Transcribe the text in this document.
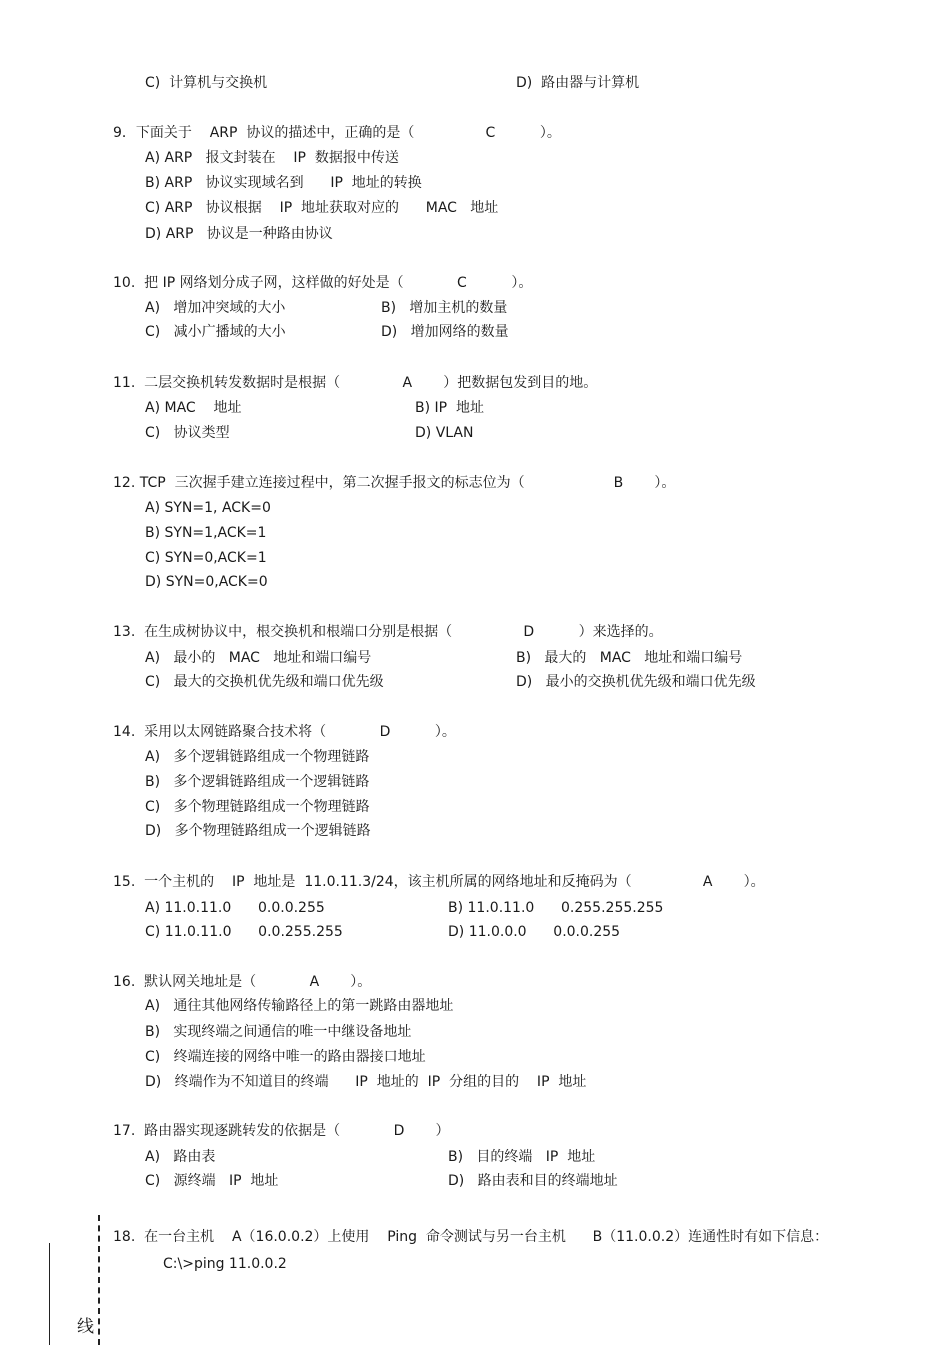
C)  计算机与交换机	D)  路由器与计算机
9．下面关于    ARP  协议的描述中，正确的是（                C          ）。
A) ARP   报文封装在    IP  数据报中传送
B) ARP   协议实现域名到      IP  地址的转换
C) ARP   协议根据    IP  地址获取对应的      MAC   地址
D) ARP   协议是一种路由协议
10.  把 IP 网络划分成子网，这样做的好处是（            C          ）。
A)   增加冲突域的大小	B)   增加主机的数量
C)   减小广播域的大小	D)   增加网络的数量
11.  二层交换机转发数据时是根据（              A       ）把数据包发到目的地。
A) MAC    地址	B) IP  地址
C)   协议类型	D) VLAN
12. TCP  三次握手建立连接过程中，第二次握手报文的标志位为（                    B       ）。
A) SYN=1, ACK=0
B) SYN=1,ACK=1
C) SYN=0,ACK=1
D) SYN=0,ACK=0
13.  在生成树协议中，根交换机和根端口分别是根据（                D          ）来选择的。
A)   最小的   MAC   地址和端口编号	B)   最大的   MAC   地址和端口编号
C)   最大的交换机优先级和端口优先级	D)   最小的交换机优先级和端口优先级
14.  采用以太网链路聚合技术将（            D          ）。
A)   多个逻辑链路组成一个物理链路
B)   多个逻辑链路组成一个逻辑链路
C)   多个物理链路组成一个物理链路
D)   多个物理链路组成一个逻辑链路
15.  一个主机的    IP  地址是  11.0.11.3/24，该主机所属的网络地址和反掩码为（                A       ）。
A) 11.0.11.0      0.0.0.255	B) 11.0.11.0      0.255.255.255
C) 11.0.11.0      0.0.255.255	D) 11.0.0.0      0.0.0.255
16.  默认网关地址是（            A       ）。
A)   通往其他网络传输路径上的第一跳路由器地址
B)   实现终端之间通信的唯一中继设备地址
C)   终端连接的网络中唯一的路由器接口地址
D)   终端作为不知道目的终端      IP  地址的  IP  分组的目的    IP  地址
17.  路由器实现逐跳转发的依据是（            D       ）
A)   路由表	B)   目的终端   IP  地址
C)   源终端   IP  地址	D)   路由表和目的终端地址
18.  在一台主机    A（16.0.0.2）上使用    Ping  命令测试与另一台主机      B（11.0.0.2）连通性时有如下信息：
C:\>ping 11.0.0.2
线
